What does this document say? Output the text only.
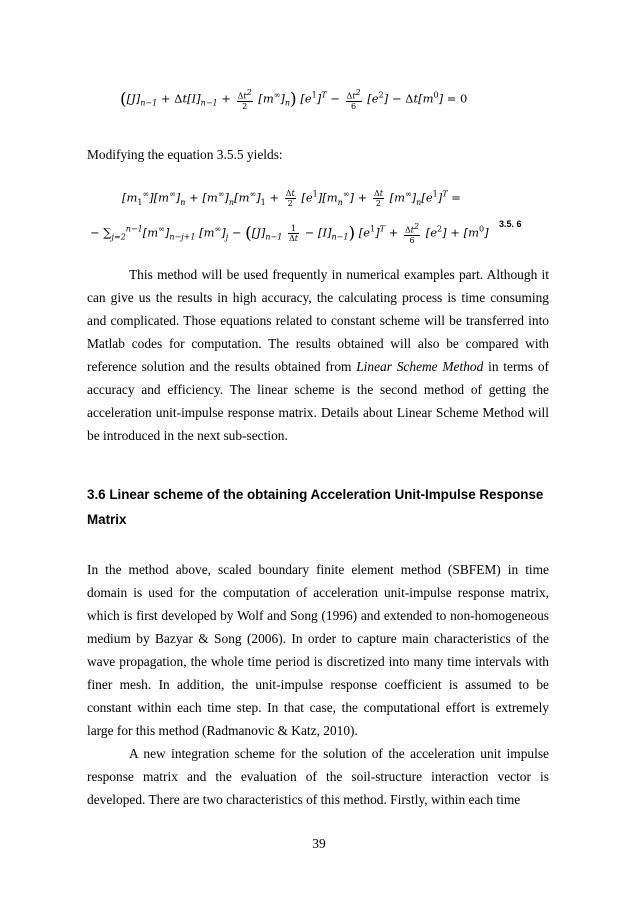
$([J]_{n-1} + \Delta t[I]_{n-1} + \frac{\Delta t^2}{2} [m^\infty]_n) [e^1]^T - \frac{\Delta t^2}{6} [e^2] - \Delta t[m^0] = 0$

Modifying the equation 3.5.5 yields:

$[m_1^\infty][m^\infty]_n + [m^\infty]_n[m^\infty]_1 + \frac{\Delta t}{2} [e^1][m_n^\infty] + \frac{\Delta t}{2} [m^\infty]_n[e^1]^T$ =
− $\sum_{j=2}^{n-1}[m^\infty]_{n-j+1}$ $[m^\infty]_j - ([J]_{n-1} \frac{1}{\Delta t} - [I]_{n-1}) [e^1]^T + \frac{\Delta t^2}{6} [e^2] + [m^0]$
3.5. 6

This method will be used frequently in numerical examples part. Although it can give us the results in high accuracy, the calculating process is time consuming and complicated. Those equations related to constant scheme will be transferred into Matlab codes for computation. The results obtained will also be compared with reference solution and the results obtained from Linear Scheme Method in terms of accuracy and efficiency. The linear scheme is the second method of getting the acceleration unit-impulse response matrix. Details about Linear Scheme Method will be introduced in the next sub-section.

3.6 Linear scheme of the obtaining Acceleration Unit-Impulse Response Matrix

In the method above, scaled boundary finite element method (SBFEM) in time domain is used for the computation of acceleration unit-impulse response matrix, which is first developed by Wolf and Song (1996) and extended to non-homogeneous medium by Bazyar & Song (2006). In order to capture main characteristics of the wave propagation, the whole time period is discretized into many time intervals with finer mesh. In addition, the unit-impulse response coefficient is assumed to be constant within each time step. In that case, the computational effort is extremely large for this method (Radmanovic & Katz, 2010).

A new integration scheme for the solution of the acceleration unit impulse response matrix and the evaluation of the soil-structure interaction vector is developed. There are two characteristics of this method. Firstly, within each time

39
